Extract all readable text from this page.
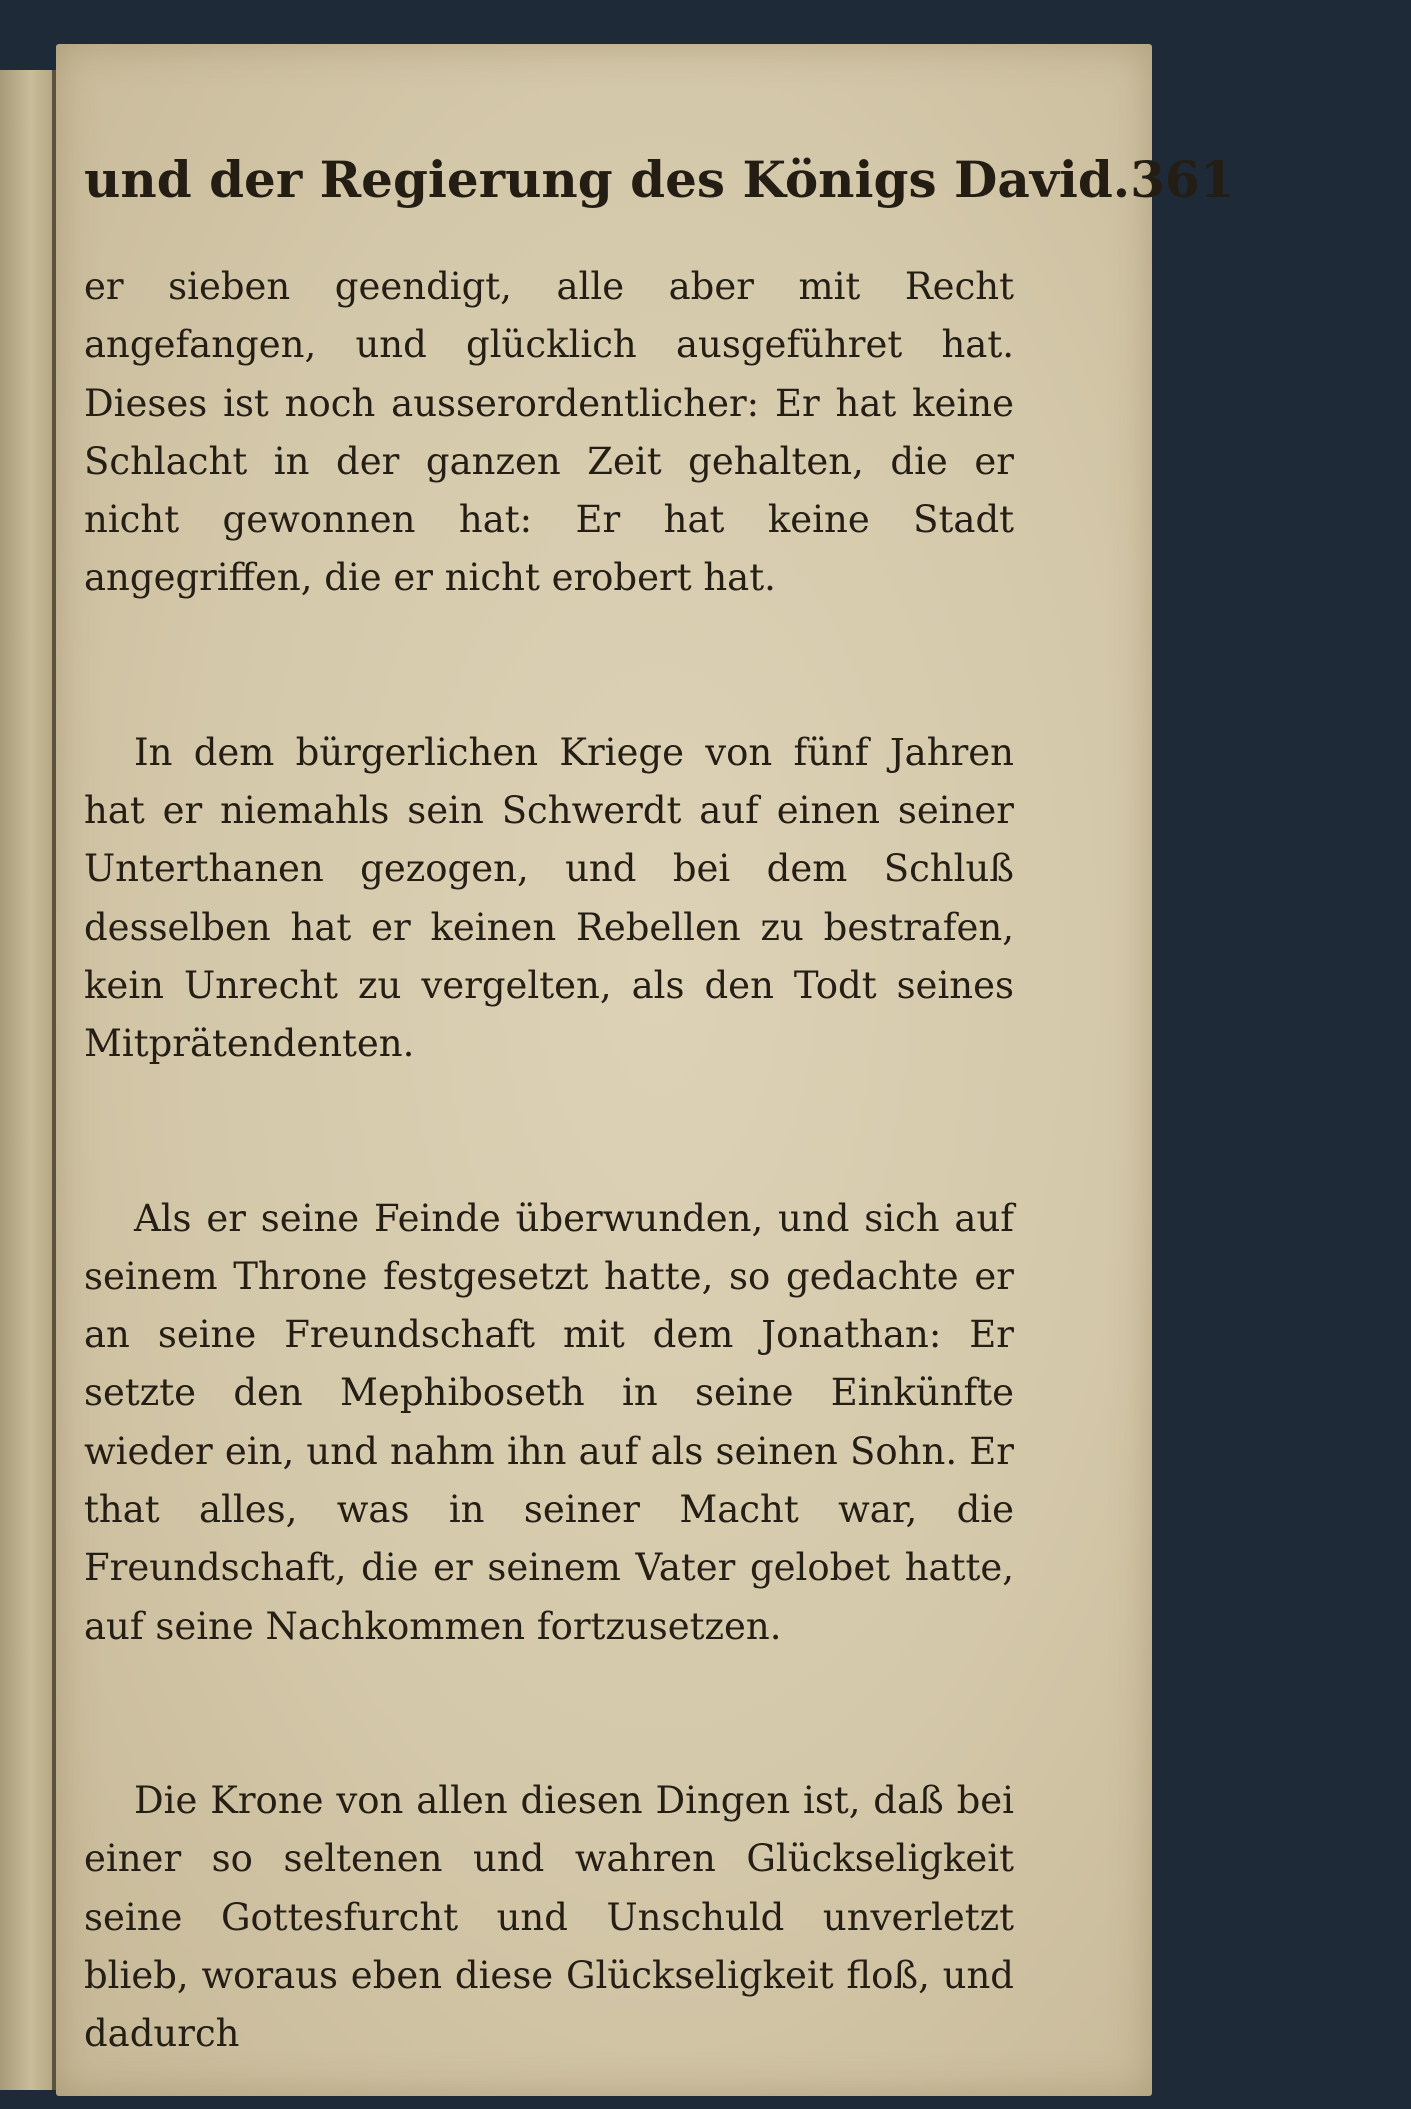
und der Regierung des Königs David. 361

er sieben geendigt, alle aber mit Recht angefangen, und glücklich ausgeführet hat. Dieses ist noch ausserordentlicher: Er hat keine Schlacht in der ganzen Zeit gehalten, die er nicht gewonnen hat: Er hat keine Stadt angegriffen, die er nicht erobert hat.

In dem bürgerlichen Kriege von fünf Jahren hat er niemahls sein Schwerdt auf einen seiner Unterthanen gezogen, und bei dem Schluß desselben hat er keinen Rebellen zu bestrafen, kein Unrecht zu vergelten, als den Todt seines Mitprätendenten.

Als er seine Feinde überwunden, und sich auf seinem Throne festgesetzt hatte, so gedachte er an seine Freundschaft mit dem Jonathan: Er setzte den Mephiboseth in seine Einkünfte wieder ein, und nahm ihn auf als seinen Sohn. Er that alles, was in seiner Macht war, die Freundschaft, die er seinem Vater gelobet hatte, auf seine Nachkommen fortzusetzen.

Die Krone von allen diesen Dingen ist, daß bei einer so seltenen und wahren Glückseligkeit seine Gottesfurcht und Unschuld unverletzt blieb, woraus eben diese Glückseligkeit floß, und dadurch
